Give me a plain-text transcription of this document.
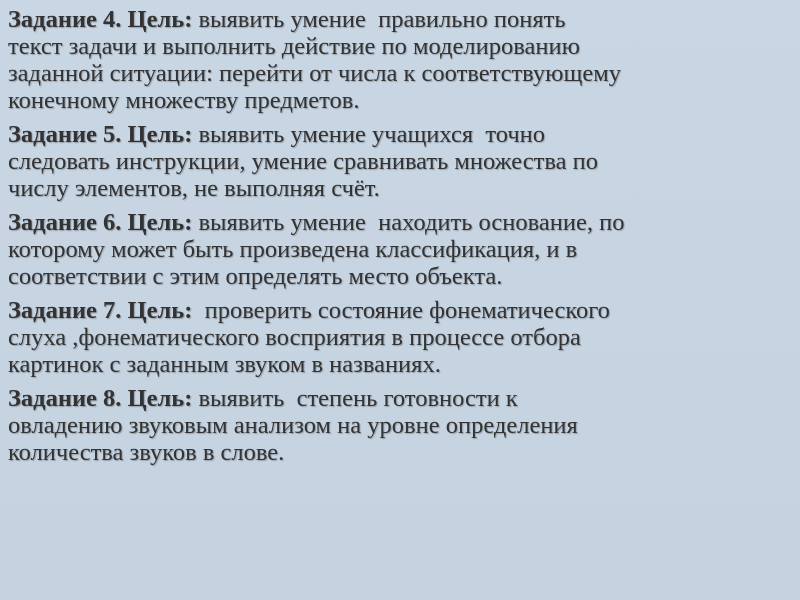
Задание 4. Цель: выявить умение  правильно понять
текст задачи и выполнить действие по моделированию
заданной ситуации: перейти от числа к соответствующему
конечному множеству предметов.
Задание 5. Цель: выявить умение учащихся  точно
следовать инструкции, умение сравнивать множества по
числу элементов, не выполняя счёт.
Задание 6. Цель: выявить умение  находить основание, по
которому может быть произведена классификация, и в
соответствии с этим определять место объекта.
Задание 7. Цель:  проверить состояние фонематического
слуха ,фонематического восприятия в процессе отбора
картинок с заданным звуком в названиях.
Задание 8. Цель: выявить  степень готовности к
овладению звуковым анализом на уровне определения
количества звуков в слове.
